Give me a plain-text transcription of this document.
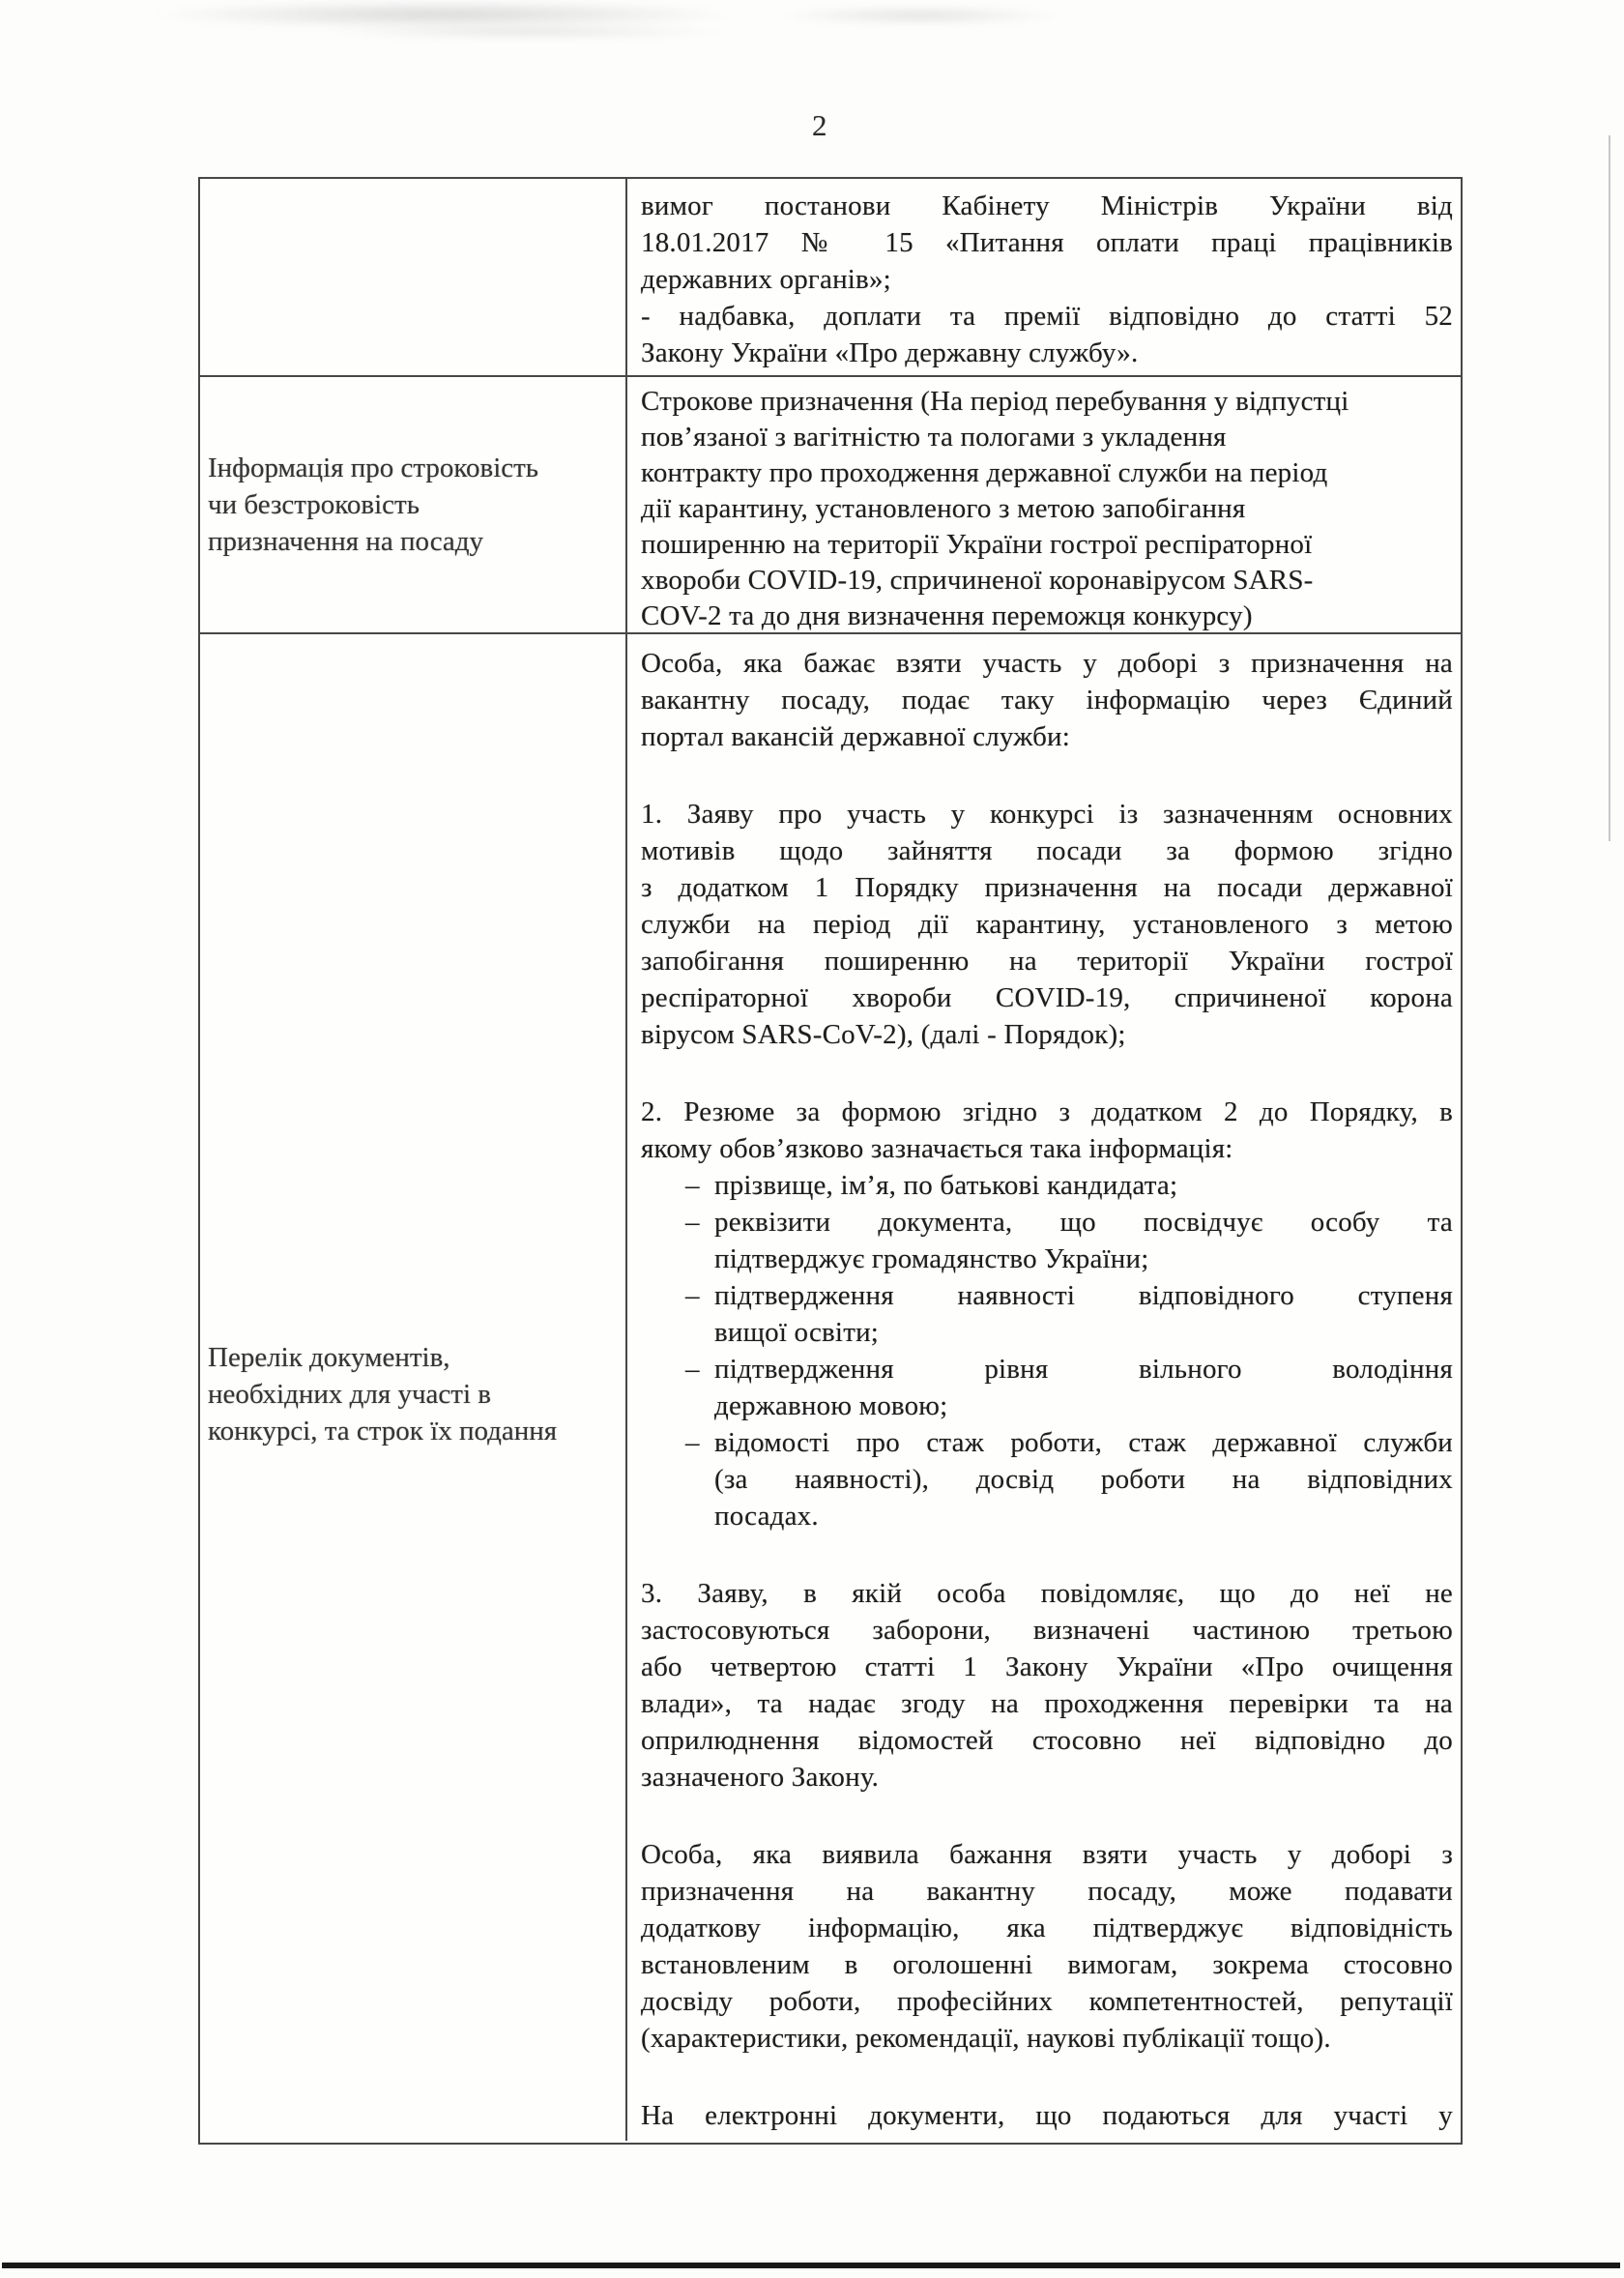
2
вимог постанови Кабінету Міністрів України від
18.01.2017 № 15 «Питання оплати праці працівників
державних органів»;
- надбавка, доплати та премії відповідно до статті 52
Закону України «Про державну службу».
Інформація про строковість
чи безстроковість
призначення на посаду
Строкове призначення (На період перебування у відпустці
пов’язаної з вагітністю та пологами з укладення
контракту про проходження державної служби на період
дії карантину, установленого з метою запобігання
поширенню на території України гострої респіраторної
хвороби COVID-19, спричиненої коронавірусом SARS-
COV-2 та до дня визначення переможця конкурсу)
Перелік документів,
необхідних для участі в
конкурсі, та строк їх подання
Особа, яка бажає взяти участь у доборі з призначення на
вакантну посаду, подає таку інформацію через Єдиний
портал вакансій державної служби:
1. Заяву про участь у конкурсі із зазначенням основних
мотивів щодо зайняття посади за формою згідно
з додатком 1 Порядку призначення на посади державної
служби на період дії карантину, установленого з метою
запобігання поширенню на території України гострої
респіраторної хвороби COVID-19, спричиненої корона
вірусом SARS-CoV-2), (далі - Порядок);
2. Резюме за формою згідно з додатком 2 до Порядку, в
якому обов’язково зазначається така інформація:
– прізвище, ім’я, по батькові кандидата;
– реквізити документа, що посвідчує особу та
підтверджує громадянство України;
– підтвердження наявності відповідного ступеня
вищої освіти;
– підтвердження рівня вільного володіння
державною мовою;
– відомості про стаж роботи, стаж державної служби
(за наявності), досвід роботи на відповідних
посадах.
3. Заяву, в якій особа повідомляє, що до неї не
застосовуються заборони, визначені частиною третьою
або четвертою статті 1 Закону України «Про очищення
влади», та надає згоду на проходження перевірки та на
оприлюднення відомостей стосовно неї відповідно до
зазначеного Закону.
Особа, яка виявила бажання взяти участь у доборі з
призначення на вакантну посаду, може подавати
додаткову інформацію, яка підтверджує відповідність
встановленим в оголошенні вимогам, зокрема стосовно
досвіду роботи, професійних компетентностей, репутації
(характеристики, рекомендації, наукові публікації тощо).
На електронні документи, що подаються для участі у
